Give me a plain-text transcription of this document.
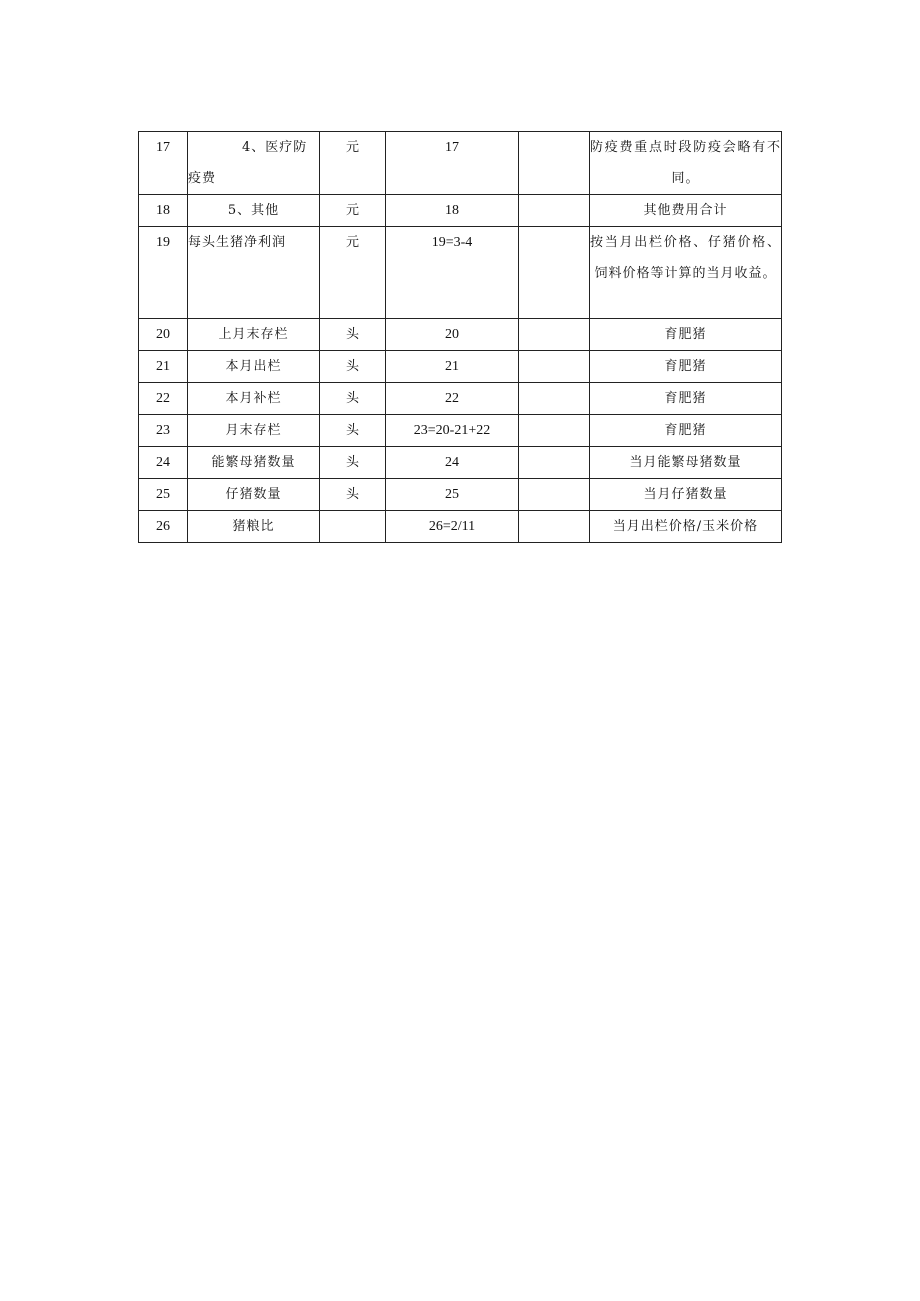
17	4、医疗防疫费	元	17		防疫费重点时段防疫会略有不同。
18	5、其他	元	18		其他费用合计
19	每头生猪净利润	元	19=3-4		按当月出栏价格、仔猪价格、饲料价格等计算的当月收益。
20	上月末存栏	头	20		育肥猪
21	本月出栏	头	21		育肥猪
22	本月补栏	头	22		育肥猪
23	月末存栏	头	23=20-21+22		育肥猪
24	能繁母猪数量	头	24		当月能繁母猪数量
25	仔猪数量	头	25		当月仔猪数量
26	猪粮比		26=2/11		当月出栏价格/玉米价格
